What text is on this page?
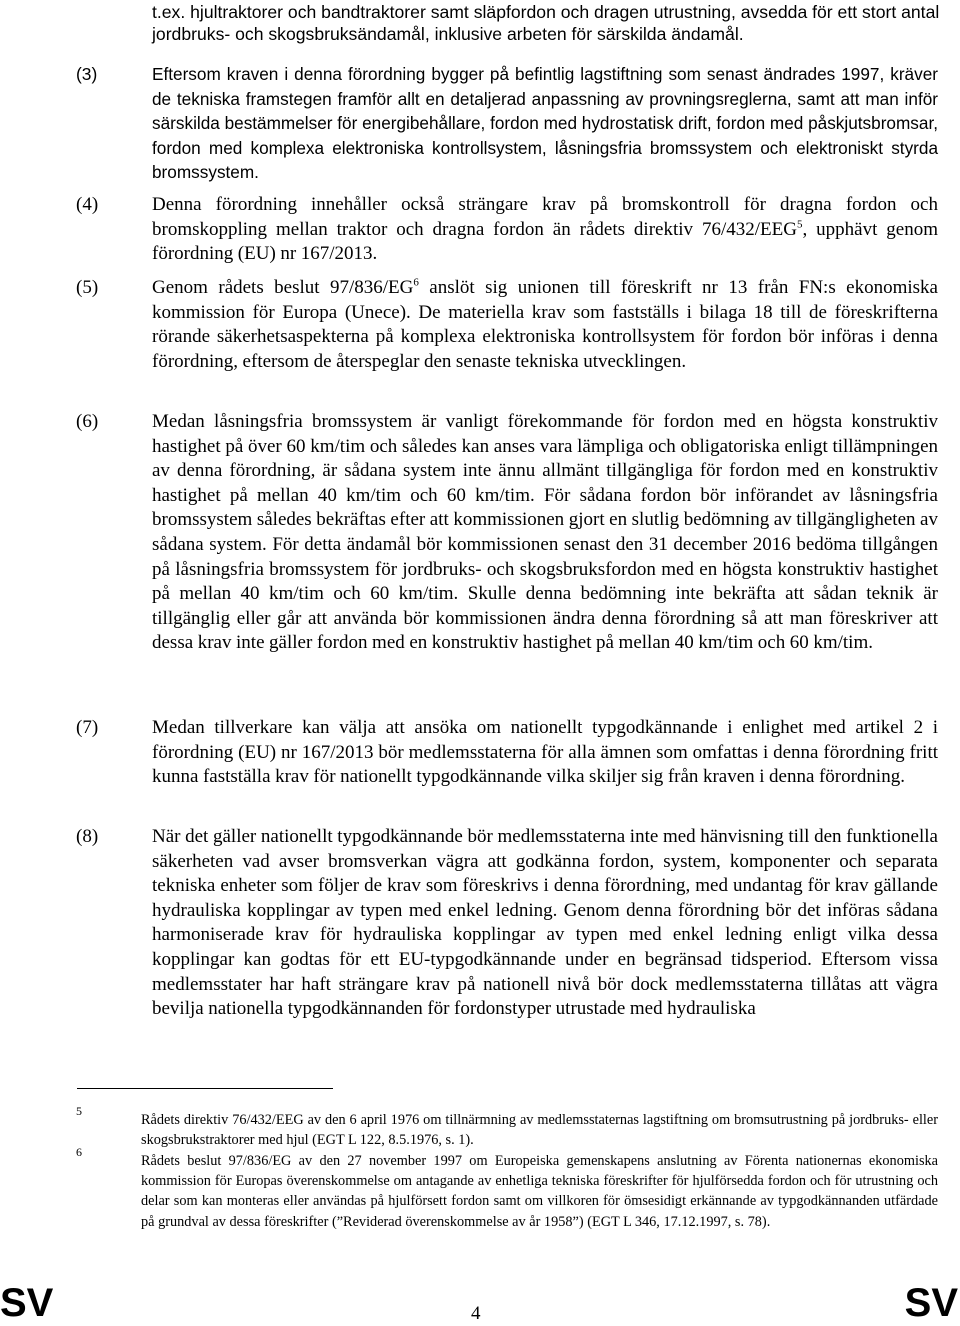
t.ex. hjultraktorer och bandtraktorer samt släpfordon och dragen utrustning, avsedda för ett stort antal jordbruks- och skogsbruksändamål, inklusive arbeten för särskilda ändamål.

(3)	Eftersom kraven i denna förordning bygger på befintlig lagstiftning som senast ändrades 1997, kräver de tekniska framstegen framför allt en detaljerad anpassning av provningsreglerna, samt att man inför särskilda bestämmelser för energibehållare, fordon med hydrostatisk drift, fordon med påskjutsbromsar, fordon med komplexa elektroniska kontrollsystem, låsningsfria bromssystem och elektroniskt styrda bromssystem.
(4)	Denna förordning innehåller också strängare krav på bromskontroll för dragna fordon och bromskoppling mellan traktor och dragna fordon än rådets direktiv 76/432/EEG$^5$, upphävt genom förordning (EU) nr 167/2013.
(5)	Genom rådets beslut $97/836/EG^6$ anslöt sig unionen till föreskrift nr 13 från FN:s ekonomiska kommission för Europa (Unece). De materiella krav som fastställs i bilaga 18 till de föreskrifterna rörande säkerhetsaspekterna på komplexa elektroniska kontrollsystem för fordon bör införas i denna förordning, eftersom de återspeglar den senaste tekniska utvecklingen.
(6)	Medan låsningsfria bromssystem är vanligt förekommande för fordon med en högsta konstruktiv hastighet på över 60 km/tim och således kan anses vara lämpliga och obligatoriska enligt tillämpningen av denna förordning, är sådana system inte ännu allmänt tillgängliga för fordon med en konstruktiv hastighet på mellan 40 km/tim och 60 km/tim. För sådana fordon bör införandet av låsningsfria bromssystem således bekräftas efter att kommissionen gjort en slutlig bedömning av tillgängligheten av sådana system. För detta ändamål bör kommissionen senast den 31 december 2016 bedöma tillgången på låsningsfria bromssystem för jordbruks- och skogsbruksfordon med en högsta konstruktiv hastighet på mellan 40 km/tim och 60 km/tim. Skulle denna bedömning inte bekräfta att sådan teknik är tillgänglig eller går att använda bör kommissionen ändra denna förordning så att man föreskriver att dessa krav inte gäller fordon med en konstruktiv hastighet på mellan 40 km/tim och 60 km/tim.
(7)	Medan tillverkare kan välja att ansöka om nationellt typgodkännande i enlighet med artikel 2 i förordning (EU) nr 167/2013 bör medlemsstaterna för alla ämnen som omfattas i denna förordning fritt kunna fastställa krav för nationellt typgodkännande vilka skiljer sig från kraven i denna förordning.
(8)	När det gäller nationellt typgodkännande bör medlemsstaterna inte med hänvisning till den funktionella säkerheten vad avser bromsverkan vägra att godkänna fordon, system, komponenter och separata tekniska enheter som följer de krav som föreskrivs i denna förordning, med undantag för krav gällande hydrauliska kopplingar av typen med enkel ledning. Genom denna förordning bör det införas sådana harmoniserade krav för hydrauliska kopplingar av typen med enkel ledning enligt vilka dessa kopplingar kan godtas för ett EU-typgodkännande under en begränsad tidsperiod. Eftersom vissa medlemsstater har haft strängare krav på nationell nivå bör dock medlemsstaterna tillåtas att vägra bevilja nationella typgodkännanden för fordonstyper utrustade med hydrauliska
5
Rådets direktiv 76/432/EEG av den 6 april 1976 om tillnärmning av medlemsstaternas lagstiftning om bromsutrustning på jordbruks- eller skogsbrukstraktorer med hjul (EGT L 122, 8.5.1976, s. 1).
6
Rådets beslut 97/836/EG av den 27 november 1997 om Europeiska gemenskapens anslutning av Förenta nationernas ekonomiska kommission för Europas överenskommelse om antagande av enhetliga tekniska föreskrifter för hjulförsedda fordon och för utrustning och delar som kan monteras eller användas på hjulförsett fordon samt om villkoren för ömsesidigt erkännande av typgodkännanden utfärdade på grundval av dessa föreskrifter (”Reviderad överenskommelse av år 1958”) (EGT L 346, 17.12.1997, s. 78).
SV	4	SV
